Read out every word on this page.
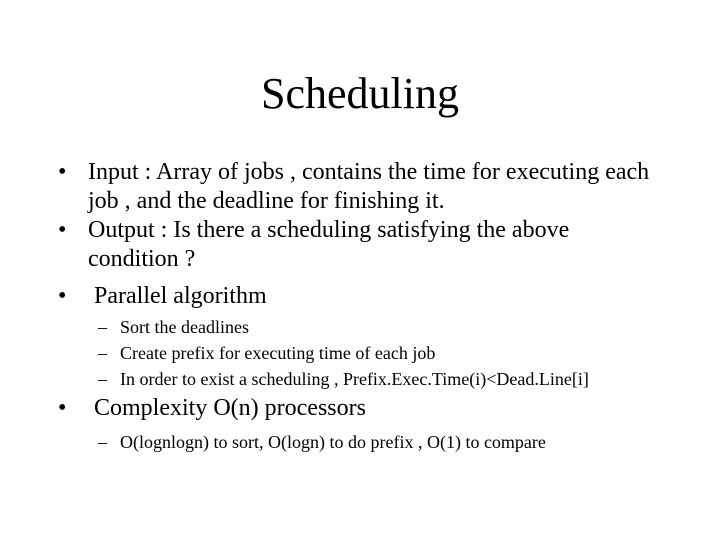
Scheduling
• Input : Array of jobs , contains the time for executing each
job , and the deadline for finishing it.
• Output : Is there a scheduling satisfying the above
condition ?
• Parallel algorithm
– Sort the deadlines
– Create prefix for executing time of each job
– In order to exist a scheduling , Prefix.Exec.Time(i)<Dead.Line[i]
• Complexity O(n) processors
– O(lognlogn) to sort, O(logn) to do prefix , O(1) to compare
